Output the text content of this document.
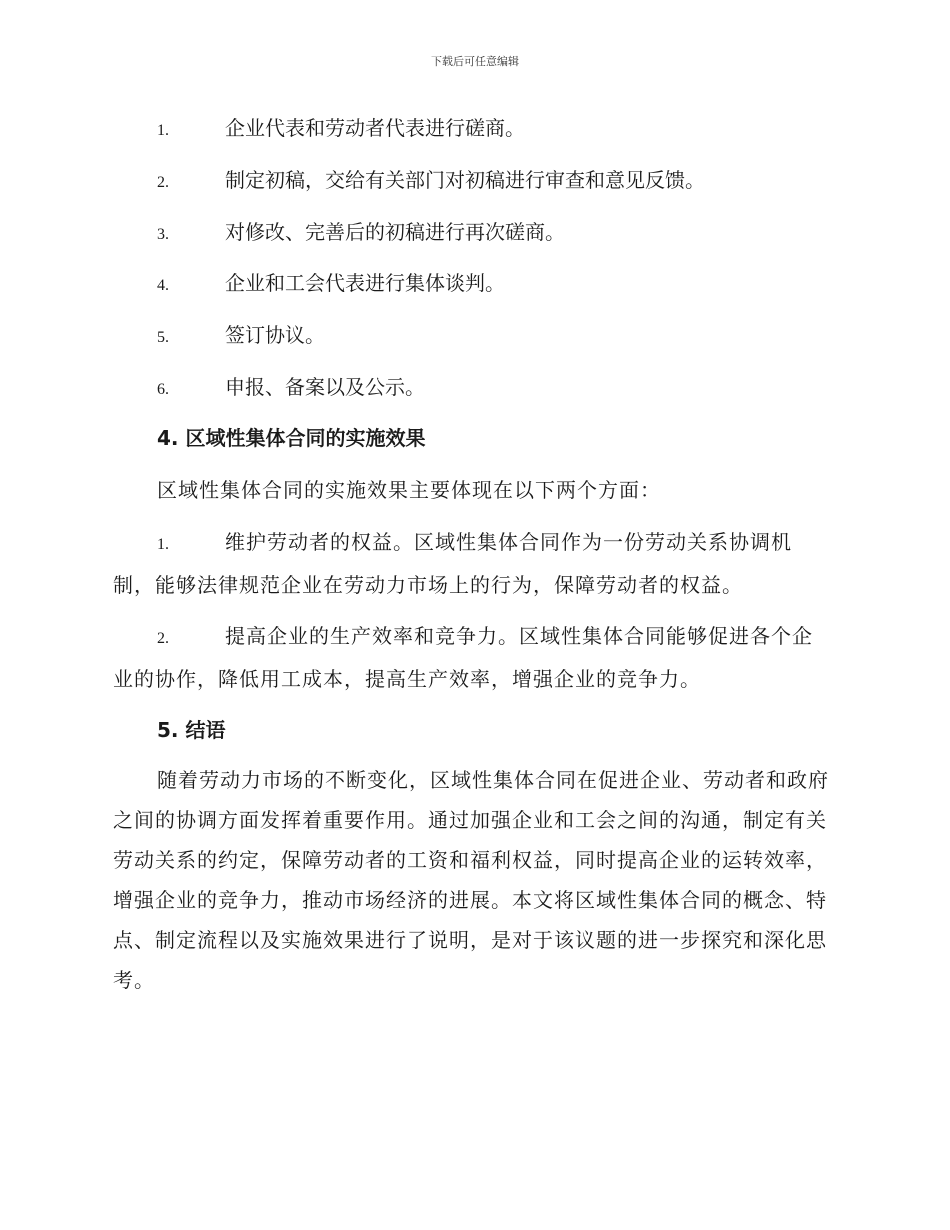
下载后可任意编辑
1.	企业代表和劳动者代表进行磋商。
2.	制定初稿，交给有关部门对初稿进行审查和意见反馈。
3.	对修改、完善后的初稿进行再次磋商。
4.	企业和工会代表进行集体谈判。
5.	签订协议。
6.	申报、备案以及公示。
4. 区域性集体合同的实施效果
区域性集体合同的实施效果主要体现在以下两个方面：
1.	维护劳动者的权益。区域性集体合同作为一份劳动关系协调机制，能够法律规范企业在劳动力市场上的行为，保障劳动者的权益。
2.	提高企业的生产效率和竞争力。区域性集体合同能够促进各个企业的协作，降低用工成本，提高生产效率，增强企业的竞争力。
5. 结语
随着劳动力市场的不断变化，区域性集体合同在促进企业、劳动者和政府之间的协调方面发挥着重要作用。通过加强企业和工会之间的沟通，制定有关劳动关系的约定，保障劳动者的工资和福利权益，同时提高企业的运转效率，增强企业的竞争力，推动市场经济的进展。本文将区域性集体合同的概念、特点、制定流程以及实施效果进行了说明，是对于该议题的进一步探究和深化思考。
